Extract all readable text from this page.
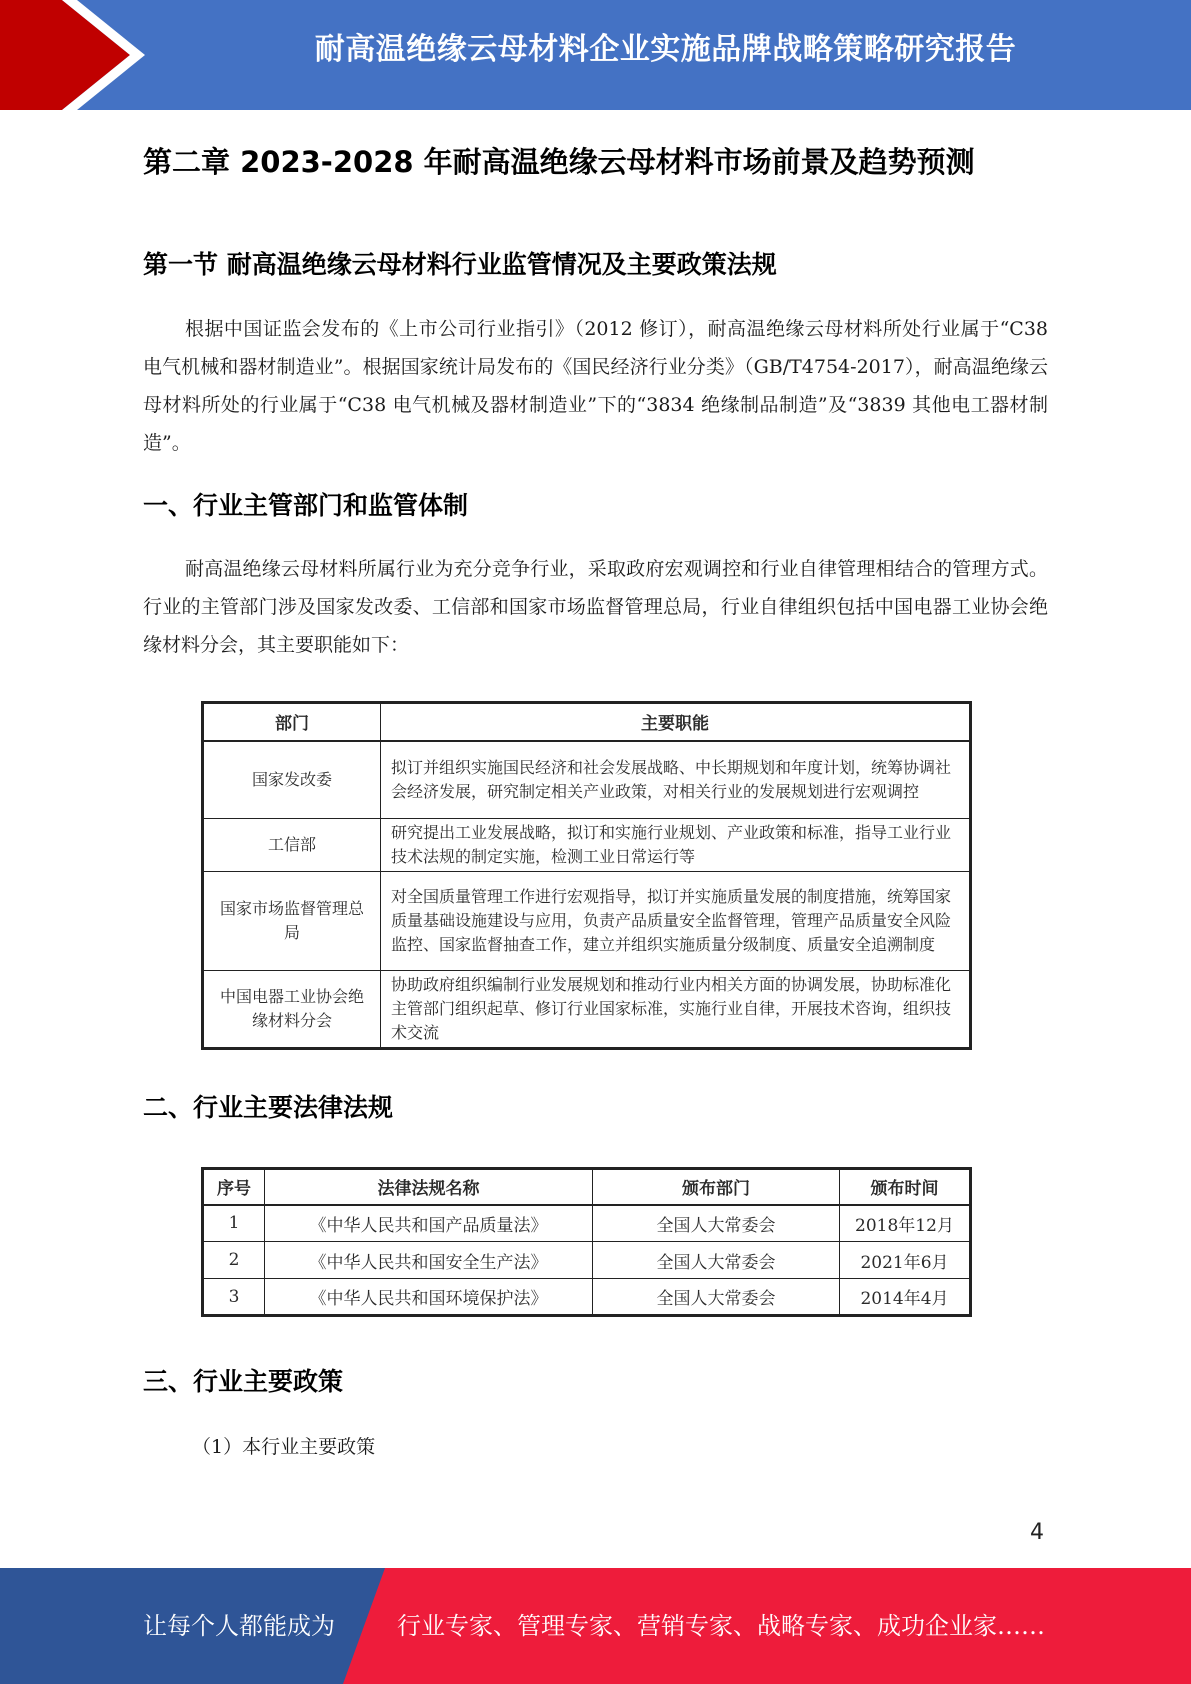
耐高温绝缘云母材料企业实施品牌战略策略研究报告
第二章 2023-2028 年耐高温绝缘云母材料市场前景及趋势预测
第一节 耐高温绝缘云母材料行业监管情况及主要政策法规

根据中国证监会发布的《上市公司行业指引》（2012 修订），耐高温绝缘云母材料所处行业属于“C38 电气机械和器材制造业”。根据国家统计局发布的《国民经济行业分类》（GB/T4754-2017），耐高温绝缘云母材料所处的行业属于“C38 电气机械及器材制造业”下的“3834 绝缘制品制造”及“3839 其他电工器材制造”。

一、行业主管部门和监管体制

耐高温绝缘云母材料所属行业为充分竞争行业，采取政府宏观调控和行业自律管理相结合的管理方式。行业的主管部门涉及国家发改委、工信部和国家市场监督管理总局，行业自律组织包括中国电器工业协会绝缘材料分会，其主要职能如下：

部门	主要职能
国家发改委	拟订并组织实施国民经济和社会发展战略、中长期规划和年度计划，统筹协调社会经济发展，研究制定相关产业政策，对相关行业的发展规划进行宏观调控
工信部	研究提出工业发展战略，拟订和实施行业规划、产业政策和标准，指导工业行业技术法规的制定实施，检测工业日常运行等
国家市场监督管理总局	对全国质量管理工作进行宏观指导，拟订并实施质量发展的制度措施，统筹国家质量基础设施建设与应用，负责产品质量安全监督管理，管理产品质量安全风险监控、国家监督抽查工作，建立并组织实施质量分级制度、质量安全追溯制度
中国电器工业协会绝缘材料分会	协助政府组织编制行业发展规划和推动行业内相关方面的协调发展，协助标准化主管部门组织起草、修订行业国家标准，实施行业自律，开展技术咨询，组织技术交流
二、行业主要法律法规
序号	法律法规名称	颁布部门	颁布时间
1	《中华人民共和国产品质量法》	全国人大常委会	2018年12月
2	《中华人民共和国安全生产法》	全国人大常委会	2021年6月
3	《中华人民共和国环境保护法》	全国人大常委会	2014年4月
三、行业主要政策
（1）本行业主要政策
4
让每个人都能成为	行业专家、管理专家、营销专家、战略专家、成功企业家……
